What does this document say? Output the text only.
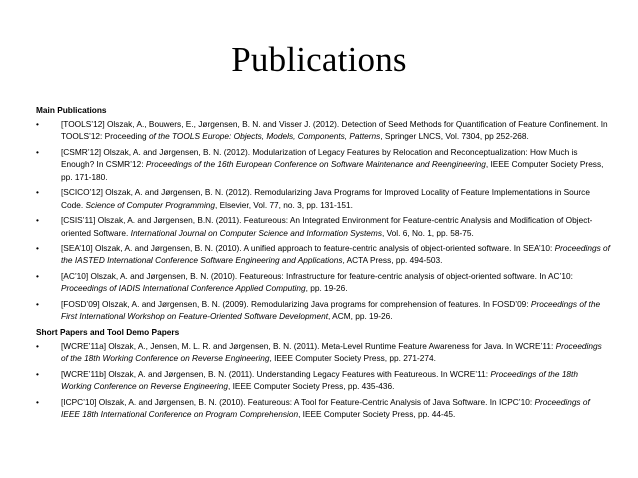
Publications
Main Publications
• [TOOLS’12] Olszak, A., Bouwers, E., Jørgensen, B. N. and Visser J. (2012). Detection of Seed Methods for Quantification of Feature Confinement. In TOOLS’12: Proceeding of the TOOLS Europe: Objects, Models, Components, Patterns, Springer LNCS, Vol. 7304, pp 252-268.
• [CSMR’12] Olszak, A. and Jørgensen, B. N. (2012). Modularization of Legacy Features by Relocation and Reconceptualization: How Much is Enough? In CSMR’12: Proceedings of the 16th European Conference on Software Maintenance and Reengineering, IEEE Computer Society Press, pp. 171-180.
• [SCICO’12] Olszak, A. and Jørgensen, B. N. (2012). Remodularizing Java Programs for Improved Locality of Feature Implementations in Source Code. Science of Computer Programming, Elsevier, Vol. 77, no. 3, pp. 131-151.
• [CSIS’11] Olszak, A. and Jørgensen, B.N. (2011). Featureous: An Integrated Environment for Feature-centric Analysis and Modification of Object-oriented Software. International Journal on Computer Science and Information Systems, Vol. 6, No. 1, pp. 58-75.
• [SEA’10] Olszak, A. and Jørgensen, B. N. (2010). A unified approach to feature-centric analysis of object-oriented software. In SEA’10: Proceedings of the IASTED International Conference Software Engineering and Applications, ACTA Press, pp. 494-503.
• [AC’10] Olszak, A. and Jørgensen, B. N. (2010). Featureous: Infrastructure for feature-centric analysis of object-oriented software. In AC’10: Proceedings of IADIS International Conference Applied Computing, pp. 19-26.
• [FOSD’09] Olszak, A. and Jørgensen, B. N. (2009). Remodularizing Java programs for comprehension of features. In FOSD’09: Proceedings of the First International Workshop on Feature-Oriented Software Development, ACM, pp. 19-26.
Short Papers and Tool Demo Papers
• [WCRE’11a] Olszak, A., Jensen, M. L. R. and Jørgensen, B. N. (2011). Meta-Level Runtime Feature Awareness for Java. In WCRE’11: Proceedings of the 18th Working Conference on Reverse Engineering, IEEE Computer Society Press, pp. 271-274.
• [WCRE’11b] Olszak, A. and Jørgensen, B. N. (2011). Understanding Legacy Features with Featureous. In WCRE’11: Proceedings of the 18th Working Conference on Reverse Engineering, IEEE Computer Society Press, pp. 435-436.
• [ICPC’10] Olszak, A. and Jørgensen, B. N. (2010). Featureous: A Tool for Feature-Centric Analysis of Java Software. In ICPC’10: Proceedings of IEEE 18th International Conference on Program Comprehension, IEEE Computer Society Press, pp. 44-45.
